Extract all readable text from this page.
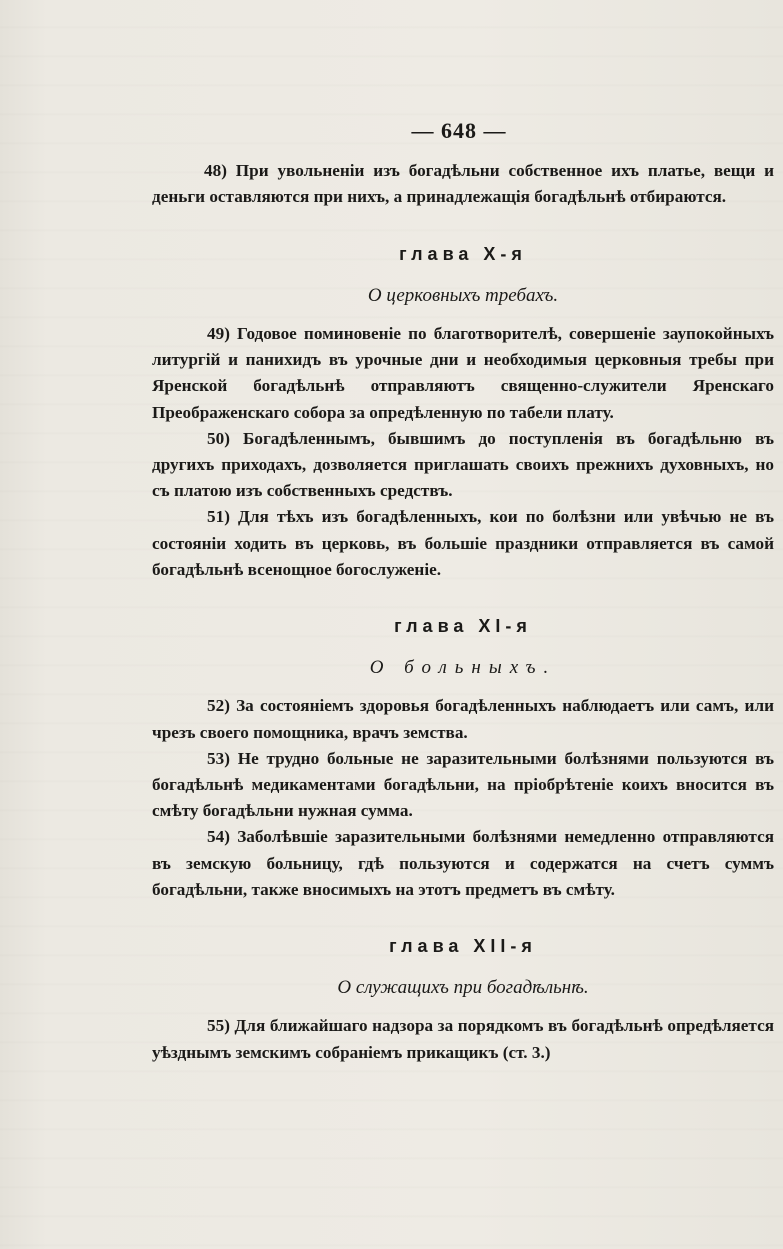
— 648 —

48) При увольненіи изъ богадѣльни собственное ихъ платье, вещи и деньги оставляются при нихъ, а принадлежащія богадѣльнѣ отбираются.

глава X-я
О церковныхъ требахъ.

49) Годовое поминовеніе по благотворителѣ, совершеніе заупокойныхъ литургій и панихидъ въ урочные дни и необходимыя церковныя требы при Яренской богадѣльнѣ отправляютъ священно-служители Яренскаго Преображенскаго собора за опредѣленную по табели плату.

50) Богадѣленнымъ, бывшимъ до поступленія въ богадѣльню въ другихъ приходахъ, дозволяется приглашать своихъ прежнихъ духовныхъ, но съ платою изъ собственныхъ средствъ.

51) Для тѣхъ изъ богадѣленныхъ, кои по болѣзни или увѣчью не въ состояніи ходить въ церковь, въ большіе праздники отправляется въ самой богадѣльнѣ всенощное богослуженіе.

глава XI-я
О больныхъ.

52) За состояніемъ здоровья богадѣленныхъ наблюдаетъ или самъ, или чрезъ своего помощника, врачъ земства.

53) Не трудно больные не заразительными болѣзнями пользуются въ богадѣльнѣ медикаментами богадѣльни, на пріобрѣтеніе коихъ вносится въ смѣту богадѣльни нужная сумма.

54) Заболѣвшіе заразительными болѣзнями немедленно отправляются въ земскую больницу, гдѣ пользуются и содержатся на счетъ суммъ богадѣльни, также вносимыхъ на этотъ предметъ въ смѣту.

глава XII-я
О служащихъ при богадѣльнѣ.

55) Для ближайшаго надзора за порядкомъ въ богадѣльнѣ опредѣляется уѣзднымъ земскимъ собраніемъ прикащикъ (ст. 3.)
